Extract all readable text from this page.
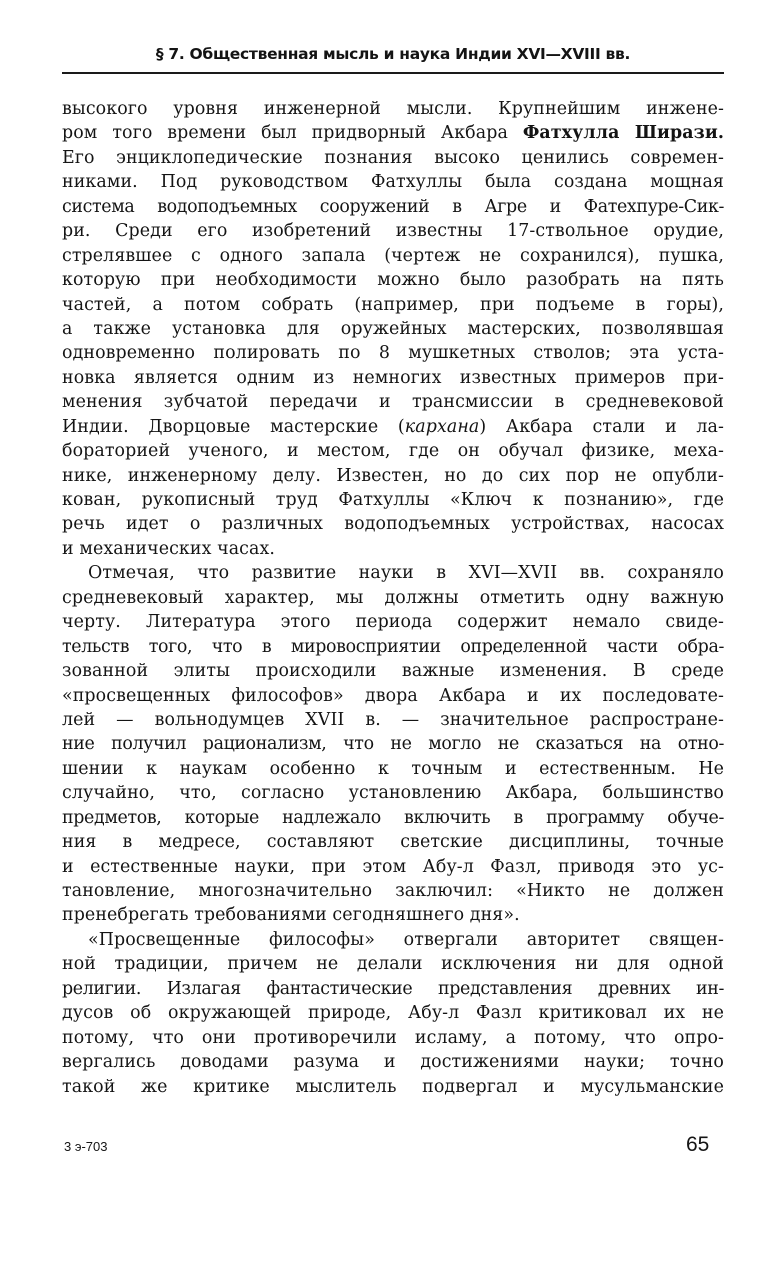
§ 7. Общественная мысль и наука Индии XVI—XVIII вв.
высокого уровня инженерной мысли. Крупнейшим инжене-
ром того времени был придворный Акбара Фатхулла Ширази.
Его энциклопедические познания высоко ценились современ-
никами. Под руководством Фатхуллы была создана мощная
система водоподъемных сооружений в Агре и Фатехпуре-Сик-
ри. Среди его изобретений известны 17-ствольное орудие,
стрелявшее с одного запала (чертеж не сохранился), пушка,
которую при необходимости можно было разобрать на пять
частей, а потом собрать (например, при подъеме в горы),
а также установка для оружейных мастерских, позволявшая
одновременно полировать по 8 мушкетных стволов; эта уста-
новка является одним из немногих известных примеров при-
менения зубчатой передачи и трансмиссии в средневековой
Индии. Дворцовые мастерские (кархана) Акбара стали и ла-
бораторией ученого, и местом, где он обучал физике, меха-
нике, инженерному делу. Известен, но до сих пор не опубли-
кован, рукописный труд Фатхуллы «Ключ к познанию», где
речь идет о различных водоподъемных устройствах, насосах
и механических часах.
Отмечая, что развитие науки в XVI—XVII вв. сохраняло
средневековый характер, мы должны отметить одну важную
черту. Литература этого периода содержит немало свиде-
тельств того, что в мировосприятии определенной части обра-
зованной элиты происходили важные изменения. В среде
«просвещенных философов» двора Акбара и их последовате-
лей — вольнодумцев XVII в. — значительное распростране-
ние получил рационализм, что не могло не сказаться на отно-
шении к наукам особенно к точным и естественным. Не
случайно, что, согласно установлению Акбара, большинство
предметов, которые надлежало включить в программу обуче-
ния в медресе, составляют светские дисциплины, точные
и естественные науки, при этом Абу-л Фазл, приводя это ус-
тановление, многозначительно заключил: «Никто не должен
пренебрегать требованиями сегодняшнего дня».
«Просвещенные философы» отвергали авторитет священ-
ной традиции, причем не делали исключения ни для одной
религии. Излагая фантастические представления древних ин-
дусов об окружающей природе, Абу-л Фазл критиковал их не
потому, что они противоречили исламу, а потому, что опро-
вергались доводами разума и достижениями науки; точно
такой же критике мыслитель подвергал и мусульманские
3 э-703	65
